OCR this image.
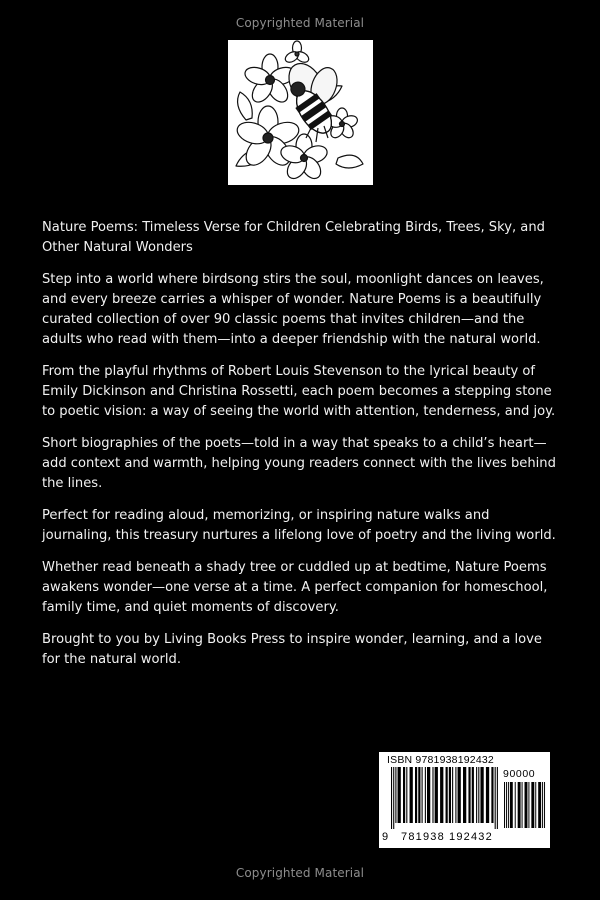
Copyrighted Material

Nature Poems: Timeless Verse for Children Celebrating Birds, Trees, Sky, and Other Natural Wonders

Step into a world where birdsong stirs the soul, moonlight dances on leaves, and every breeze carries a whisper of wonder. Nature Poems is a beautifully curated collection of over 90 classic poems that invites children—and the adults who read with them—into a deeper friendship with the natural world.

From the playful rhythms of Robert Louis Stevenson to the lyrical beauty of Emily Dickinson and Christina Rossetti, each poem becomes a stepping stone to poetic vision: a way of seeing the world with attention, tenderness, and joy.

Short biographies of the poets—told in a way that speaks to a child’s heart—add context and warmth, helping young readers connect with the lives behind the lines.

Perfect for reading aloud, memorizing, or inspiring nature walks and journaling, this treasury nurtures a lifelong love of poetry and the living world.

Whether read beneath a shady tree or cuddled up at bedtime, Nature Poems awakens wonder—one verse at a time. A perfect companion for homeschool, family time, and quiet moments of discovery.

Brought to you by Living Books Press to inspire wonder, learning, and a love for the natural world.

ISBN 9781938192432
90000
9 781938 192432
Copyrighted Material
